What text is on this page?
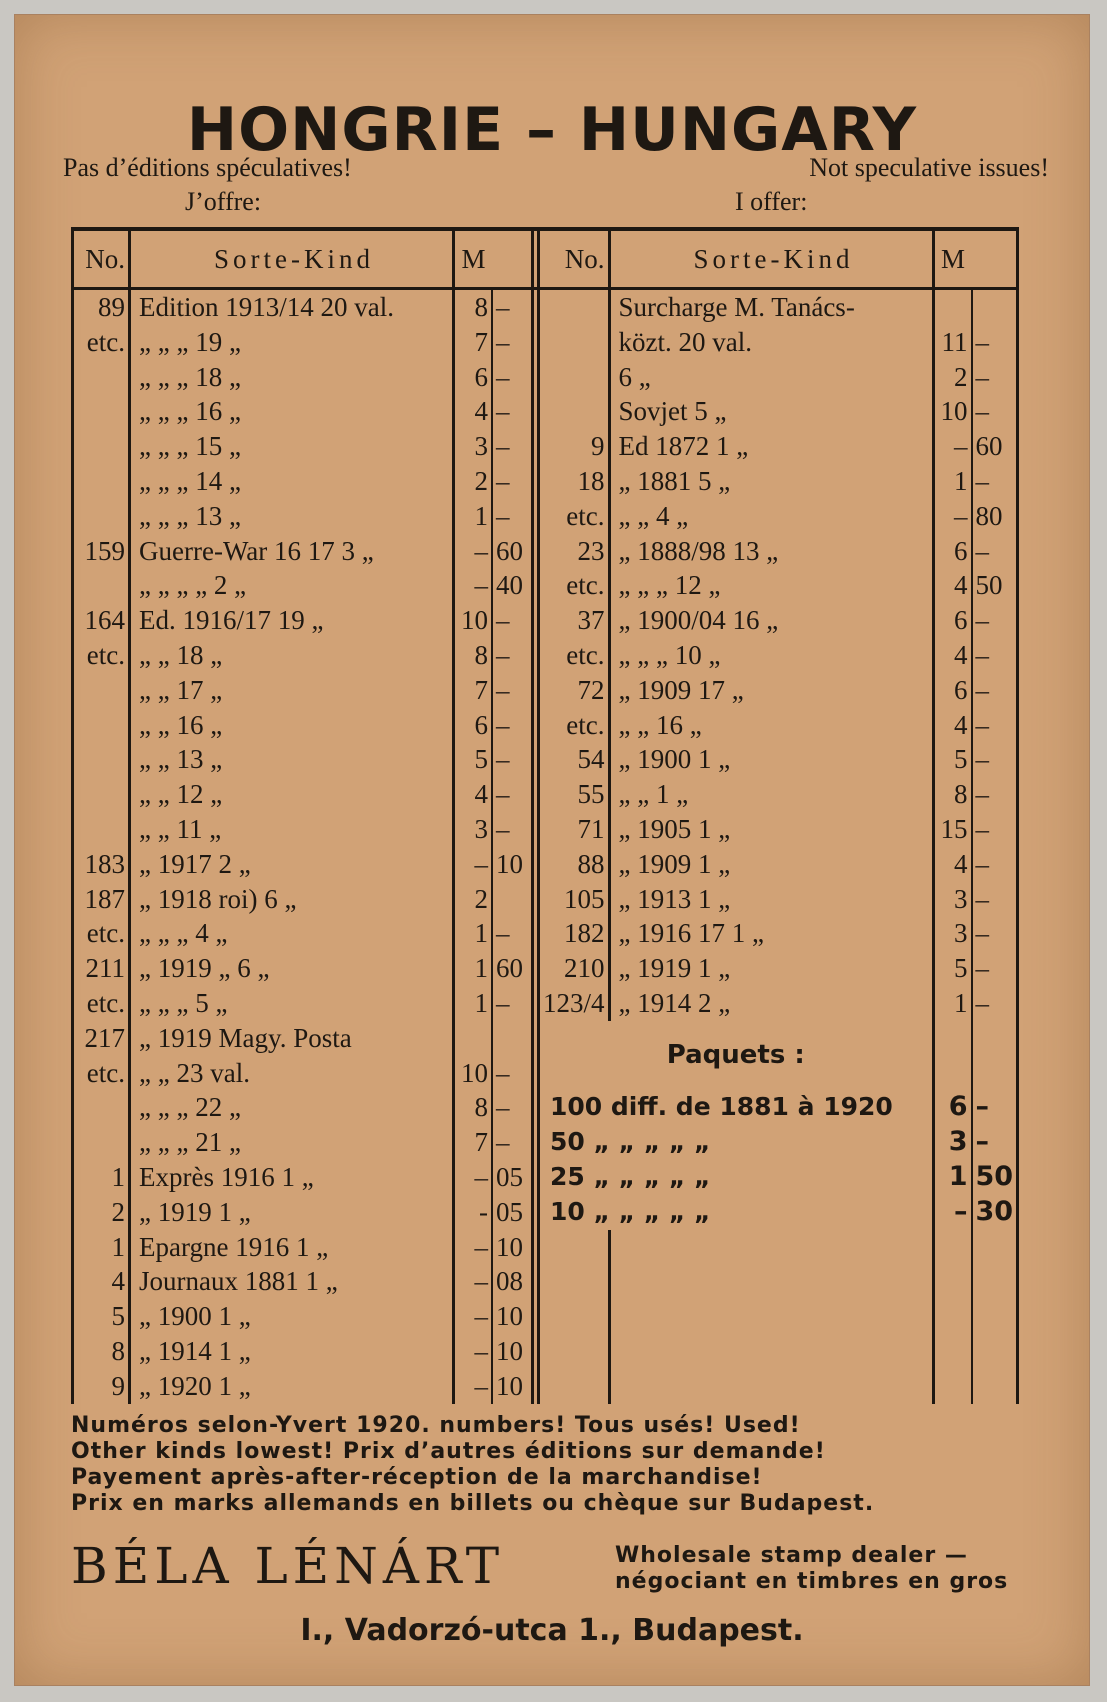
HONGRIE – HUNGARY
Pas d’éditions spéculatives!	Not speculative issues!
J’offre:	I offer:
No.	Sorte-Kind	M			No.	Sorte-Kind	M	
89	Edition 1913/14 20 val.	8	–			Surcharge M. Tanács-		
etc.	„ „ „ 19 „	7	–			közt. 20 val.	11	–
	„ „ „ 18 „	6	–			6 „	2	–
	„ „ „ 16 „	4	–			Sovjet 5 „	10	–
	„ „ „ 15 „	3	–		9	Ed 1872 1 „	–	60
	„ „ „ 14 „	2	–		18	„ 1881 5 „	1	–
	„ „ „ 13 „	1	–		etc.	„ „ 4 „	–	80
159	Guerre-War 16 17 3 „	–	60		23	„ 1888/98 13 „	6	–
	„ „ „ „ 2 „	–	40		etc.	„ „ „ 12 „	4	50
164	Ed. 1916/17 19 „	10	–		37	„ 1900/04 16 „	6	–
etc.	„ „ 18 „	8	–		etc.	„ „ „ 10 „	4	–
	„ „ 17 „	7	–		72	„ 1909 17 „	6	–
	„ „ 16 „	6	–		etc.	„ „ 16 „	4	–
	„ „ 13 „	5	–		54	„ 1900 1 „	5	–
	„ „ 12 „	4	–		55	„ „ 1 „	8	–
	„ „ 11 „	3	–		71	„ 1905 1 „	15	–
183	„ 1917 2 „	–	10		88	„ 1909 1 „	4	–
187	„ 1918 roi) 6 „	2			105	„ 1913 1 „	3	–
etc.	„ „ „ 4 „	1	–		182	„ 1916 17 1 „	3	–
211	„ 1919 „ 6 „	1	60		210	„ 1919 1 „	5	–
etc.	„ „ „ 5 „	1	–		123/4	„ 1914 2 „	1	–
217	„ 1919 Magy. Posta				Paquets :			
etc.	„ „ 23 val.	10	–					
	„ „ „ 22 „	8	–		100 diff. de 1881 à 1920		6	–
	„ „ „ 21 „	7	–		50 „ „ „ „ „		3	–
1	Exprès 1916 1 „	–	05		25 „ „ „ „ „		1	50
2	„ 1919 1 „	-	05		10 „ „ „ „ „		–	30
1	Epargne 1916 1 „	–	10					
4	Journaux 1881 1 „	–	08					
5	„ 1900 1 „	–	10					
8	„ 1914 1 „	–	10					
9	„ 1920 1 „	–	10					
Numéros selon-Yvert 1920. numbers! Tous usés! Used!
Other kinds lowest! Prix d’autres éditions sur demande!
Payement après-after-réception de la marchandise!
Prix en marks allemands en billets ou chèque sur Budapest.
BÉLA LÉNÁRT	Wholesale stamp dealer —
négociant en timbres en gros
I., Vadorzó-utca 1., Budapest.
